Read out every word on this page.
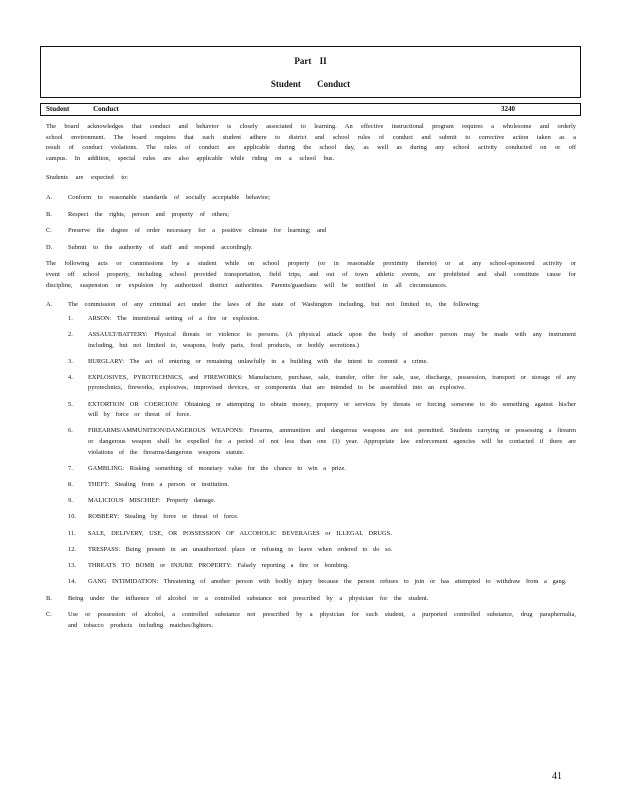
Part II
Student Conduct
Student Conduct	3240

The board acknowledges that conduct and behavior is closely associated to learning. An effective instructional program requires a wholesome and orderly school environment. The board requires that each student adhere to district and school rules of conduct and submit to corrective action taken as a result of conduct violations. The rules of conduct are applicable during the school day, as well as during any school activity conducted on or off campus. In addition, special rules are also applicable while riding on a school bus.

Students are expected to:

A. Conform to reasonable standards of socially acceptable behavior;
B.	Respect the rights, person and property of others;
C.	Preserve the degree of order necessary for a positive climate for learning; and
D. Submit to the authority of staff and respond accordingly.

The following acts or commissions by a student while on school property (or in reasonable proximity thereto) or at any school-sponsored activity or event off school property, including school provided transportation, field trips, and out of town athletic events, are prohibited and shall constitute cause for discipline, suspension or expulsion by authorized district authorities. Parents/guardians will be notified in all circumstances.

A. The commission of any criminal act under the laws of the state of Washington including, but not limited to, the following:
1. ARSON: The intentional setting of a fire or explosion.
2. ASSAULT/BATTERY: Physical threats or violence to persons. (A physical attack upon the body of another person may be made with any instrument including, but not limited to, weapons, body parts, food products, or bodily secretions.)
3. BURGLARY: The act of entering or remaining unlawfully in a building with the intent to commit a crime.
4. EXPLOSIVES, PYROTECHNICS, and FIREWORKS: Manufacture, purchase, sale, transfer, offer for sale, use, discharge, possession, transport or storage of any pyrotechnics, fireworks, explosives, improvised devices, or components that are intended to be assembled into an explosive.
5. EXTORTION OR COERCION: Obtaining or attempting to obtain money, property or services by threats or forcing someone to do something against his/her will by force or threat of force.
6. FIREARMS/AMMUNITION/DANGEROUS WEAPONS: Firearms, ammunition and dangerous weapons are not permitted. Students carrying or possessing a firearm or dangerous weapon shall be expelled for a period of not less than one (1) year. Appropriate law enforcement agencies will be contacted if there are violations of the firearms/dangerous weapons statute.
7. GAMBLING: Risking something of monetary value for the chance to win a prize.
8. THEFT: Stealing from a person or institution.
9. MALICIOUS MISCHIEF: Property damage.
10. ROBBERY: Stealing by force or threat of force.
11. SALE, DELIVERY, USE, OR POSSESSION OF ALCOHOLIC BEVERAGES or ILLEGAL DRUGS.
12. TRESPASS: Being present in an unauthorized place or refusing to leave when ordered to do so.
13. THREATS TO BOMB or INJURE PROPERTY: Falsely reporting a fire or bombing.
14. GANG INTIMIDATION: Threatening of another person with bodily injury because the person refuses to join or has attempted to withdraw from a gang.
B.	Being under the influence of alcohol or a controlled substance not prescribed by a physician for the student.
C.	Use or possession of alcohol, a controlled substance not prescribed by a physician for such student, a purported controlled substance, drug paraphernalia, and tobacco products including matches/lighters.
41
